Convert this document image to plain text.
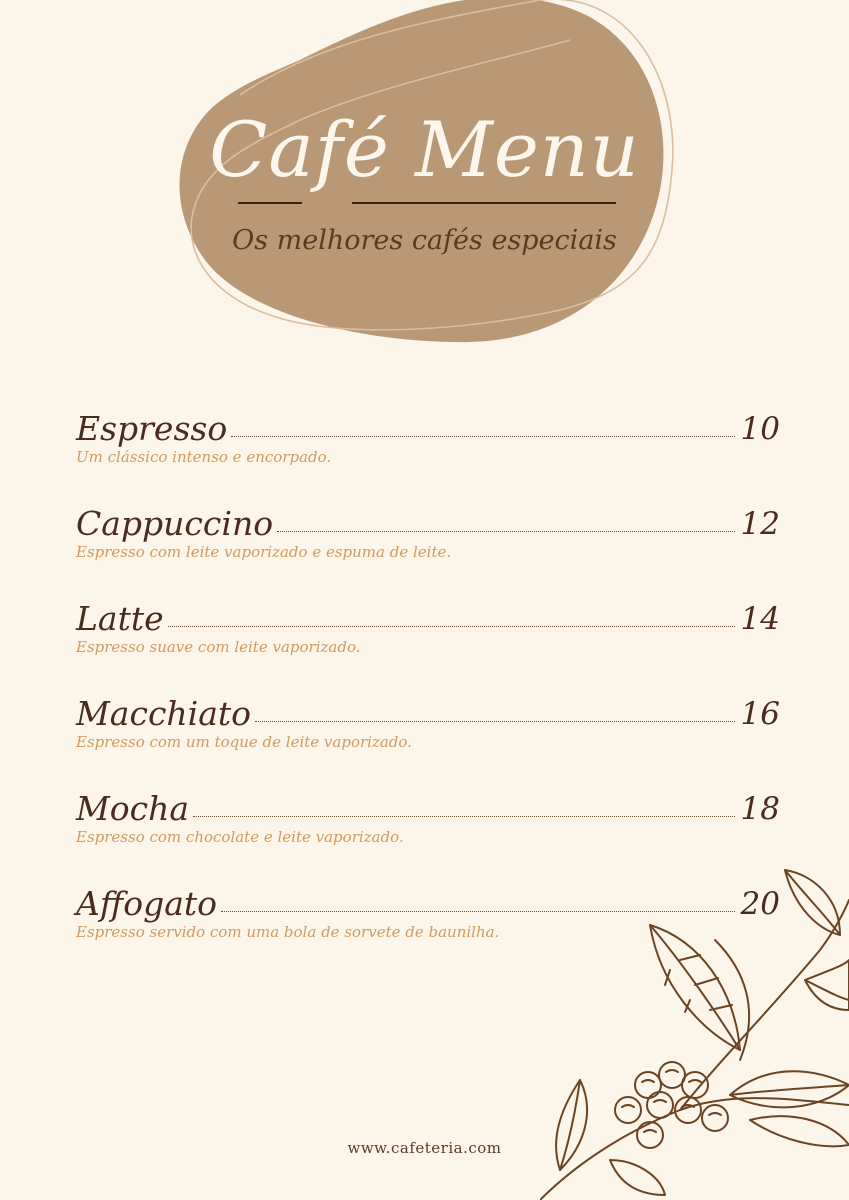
Café Menu
Os melhores cafés especiais
Espresso	10
Um clássico intenso e encorpado.
Cappuccino	12
Espresso com leite vaporizado e espuma de leite.
Latte	14
Espresso suave com leite vaporizado.
Macchiato	16
Espresso com um toque de leite vaporizado.
Mocha	18
Espresso com chocolate e leite vaporizado.
Affogato	20
Espresso servido com uma bola de sorvete de baunilha.
www.cafeteria.com
